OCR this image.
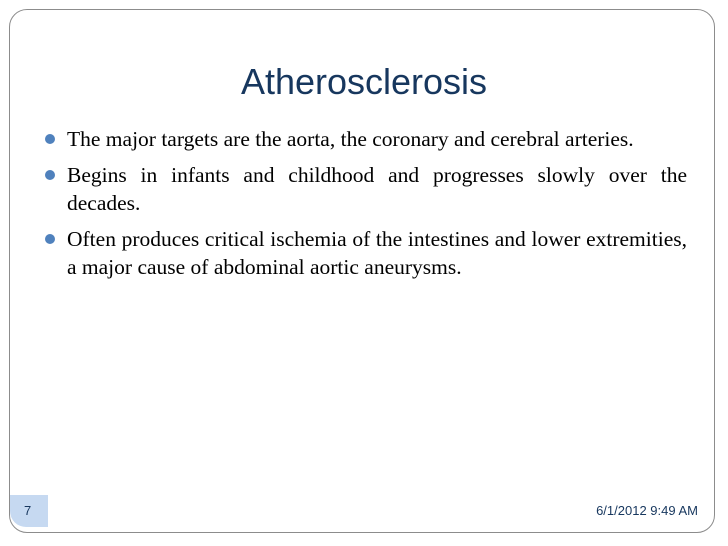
Atherosclerosis
The major targets are the aorta, the coronary and cerebral arteries.
Begins in infants and childhood and progresses slowly over the decades.
Often produces critical ischemia of the intestines and lower extremities, a major cause of abdominal aortic aneurysms.
7	6/1/2012 9:49 AM
